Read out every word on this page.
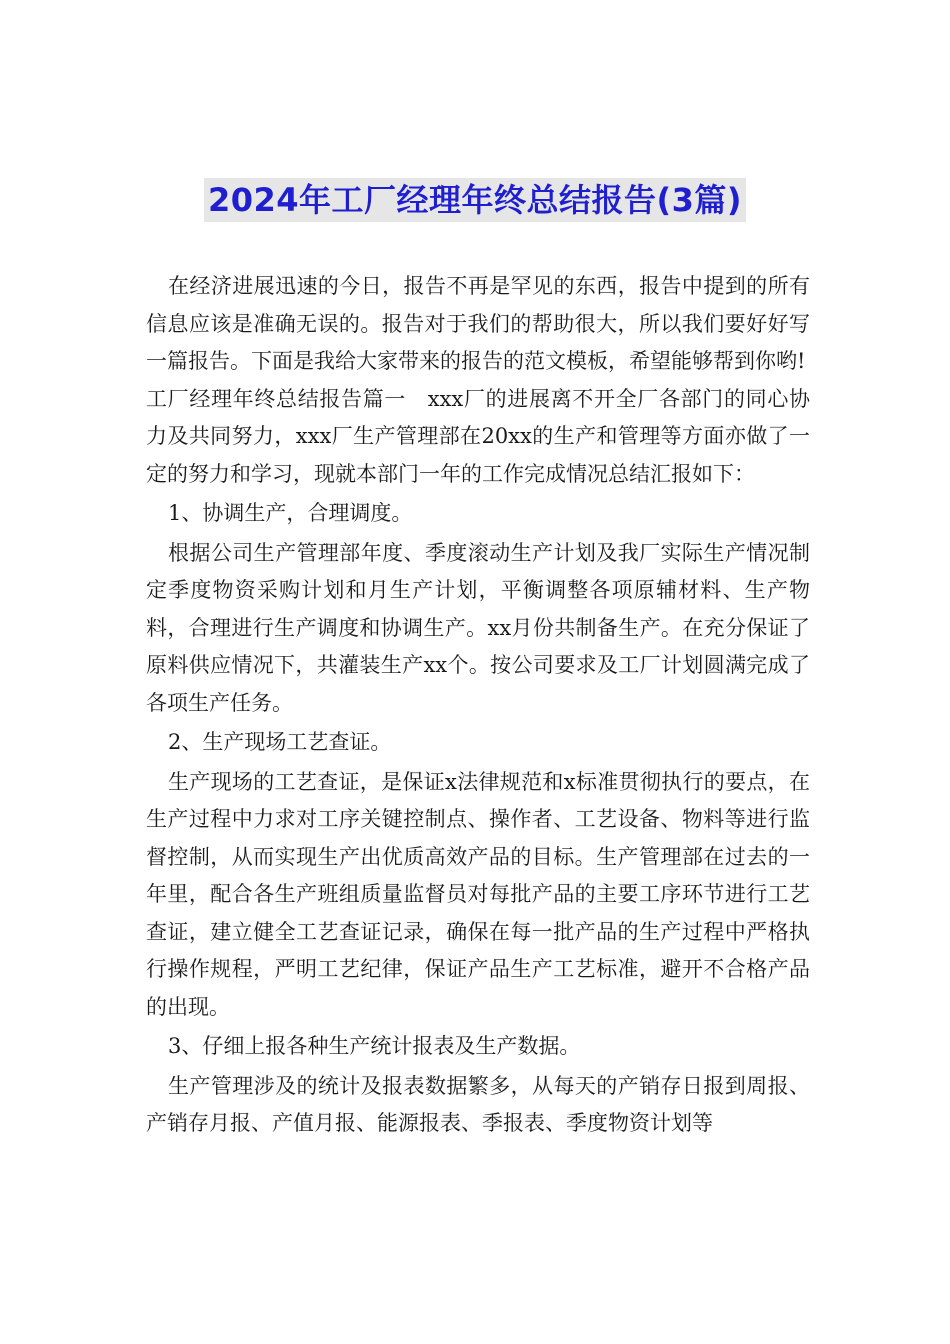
2024年工厂经理年终总结报告(3篇)

在经济进展迅速的今日，报告不再是罕见的东西，报告中提到的所有信息应该是准确无误的。报告对于我们的帮助很大，所以我们要好好写一篇报告。下面是我给大家带来的报告的范文模板，希望能够帮到你哟!

工厂经理年终总结报告篇一　xxx厂的进展离不开全厂各部门的同心协力及共同努力，xxx厂生产管理部在20xx的生产和管理等方面亦做了一定的努力和学习，现就本部门一年的工作完成情况总结汇报如下：

1、协调生产，合理调度。

根据公司生产管理部年度、季度滚动生产计划及我厂实际生产情况制定季度物资采购计划和月生产计划，平衡调整各项原辅材料、生产物料，合理进行生产调度和协调生产。xx月份共制备生产。在充分保证了原料供应情况下，共灌装生产xx个。按公司要求及工厂计划圆满完成了各项生产任务。

2、生产现场工艺查证。

生产现场的工艺查证，是保证x法律规范和x标准贯彻执行的要点，在生产过程中力求对工序关键控制点、操作者、工艺设备、物料等进行监督控制，从而实现生产出优质高效产品的目标。生产管理部在过去的一年里，配合各生产班组质量监督员对每批产品的主要工序环节进行工艺查证，建立健全工艺查证记录，确保在每一批产品的生产过程中严格执行操作规程，严明工艺纪律，保证产品生产工艺标准，避开不合格产品的出现。

3、仔细上报各种生产统计报表及生产数据。

生产管理涉及的统计及报表数据繁多，从每天的产销存日报到周报、产销存月报、产值月报、能源报表、季报表、季度物资计划等
